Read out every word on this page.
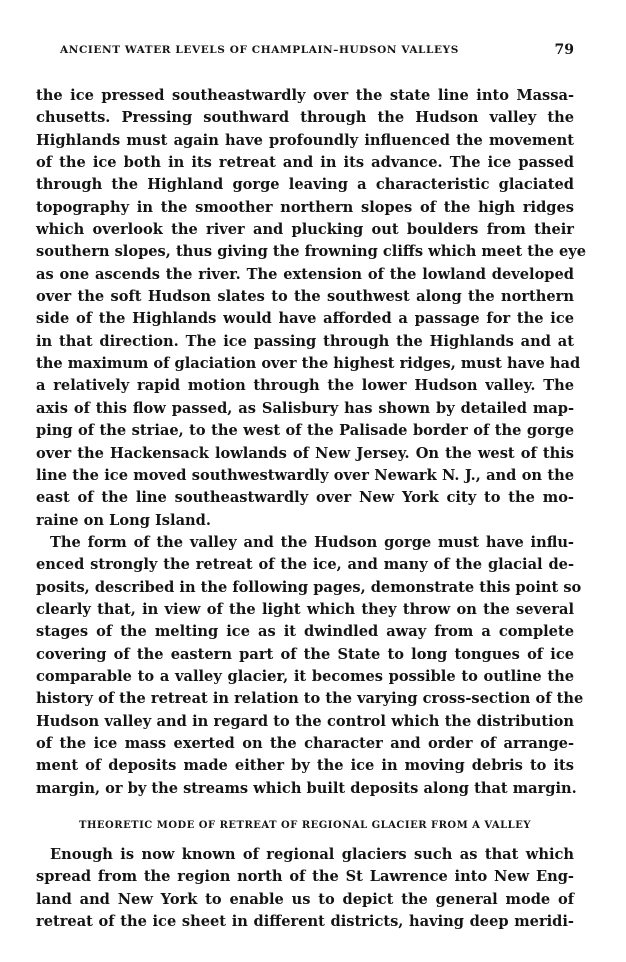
ANCIENT WATER LEVELS OF CHAMPLAIN–HUDSON VALLEYS	79
the ice pressed southeastwardly over the state line into Massa-
chusetts. Pressing southward through the Hudson valley the
Highlands must again have profoundly influenced the movement
of the ice both in its retreat and in its advance. The ice passed
through the Highland gorge leaving a characteristic glaciated
topography in the smoother northern slopes of the high ridges
which overlook the river and plucking out boulders from their
southern slopes, thus giving the frowning cliffs which meet the eye
as one ascends the river. The extension of the lowland developed
over the soft Hudson slates to the southwest along the northern
side of the Highlands would have afforded a passage for the ice
in that direction. The ice passing through the Highlands and at
the maximum of glaciation over the highest ridges, must have had
a relatively rapid motion through the lower Hudson valley. The
axis of this flow passed, as Salisbury has shown by detailed map-
ping of the striae, to the west of the Palisade border of the gorge
over the Hackensack lowlands of New Jersey. On the west of this
line the ice moved southwestwardly over Newark N. J., and on the
east of the line southeastwardly over New York city to the mo-
raine on Long Island.
The form of the valley and the Hudson gorge must have influ-
enced strongly the retreat of the ice, and many of the glacial de-
posits, described in the following pages, demonstrate this point so
clearly that, in view of the light which they throw on the several
stages of the melting ice as it dwindled away from a complete
covering of the eastern part of the State to long tongues of ice
comparable to a valley glacier, it becomes possible to outline the
history of the retreat in relation to the varying cross-section of the
Hudson valley and in regard to the control which the distribution
of the ice mass exerted on the character and order of arrange-
ment of deposits made either by the ice in moving debris to its
margin, or by the streams which built deposits along that margin.
THEORETIC MODE OF RETREAT OF REGIONAL GLACIER FROM A VALLEY
Enough is now known of regional glaciers such as that which
spread from the region north of the St Lawrence into New Eng-
land and New York to enable us to depict the general mode of
retreat of the ice sheet in different districts, having deep meridi-
